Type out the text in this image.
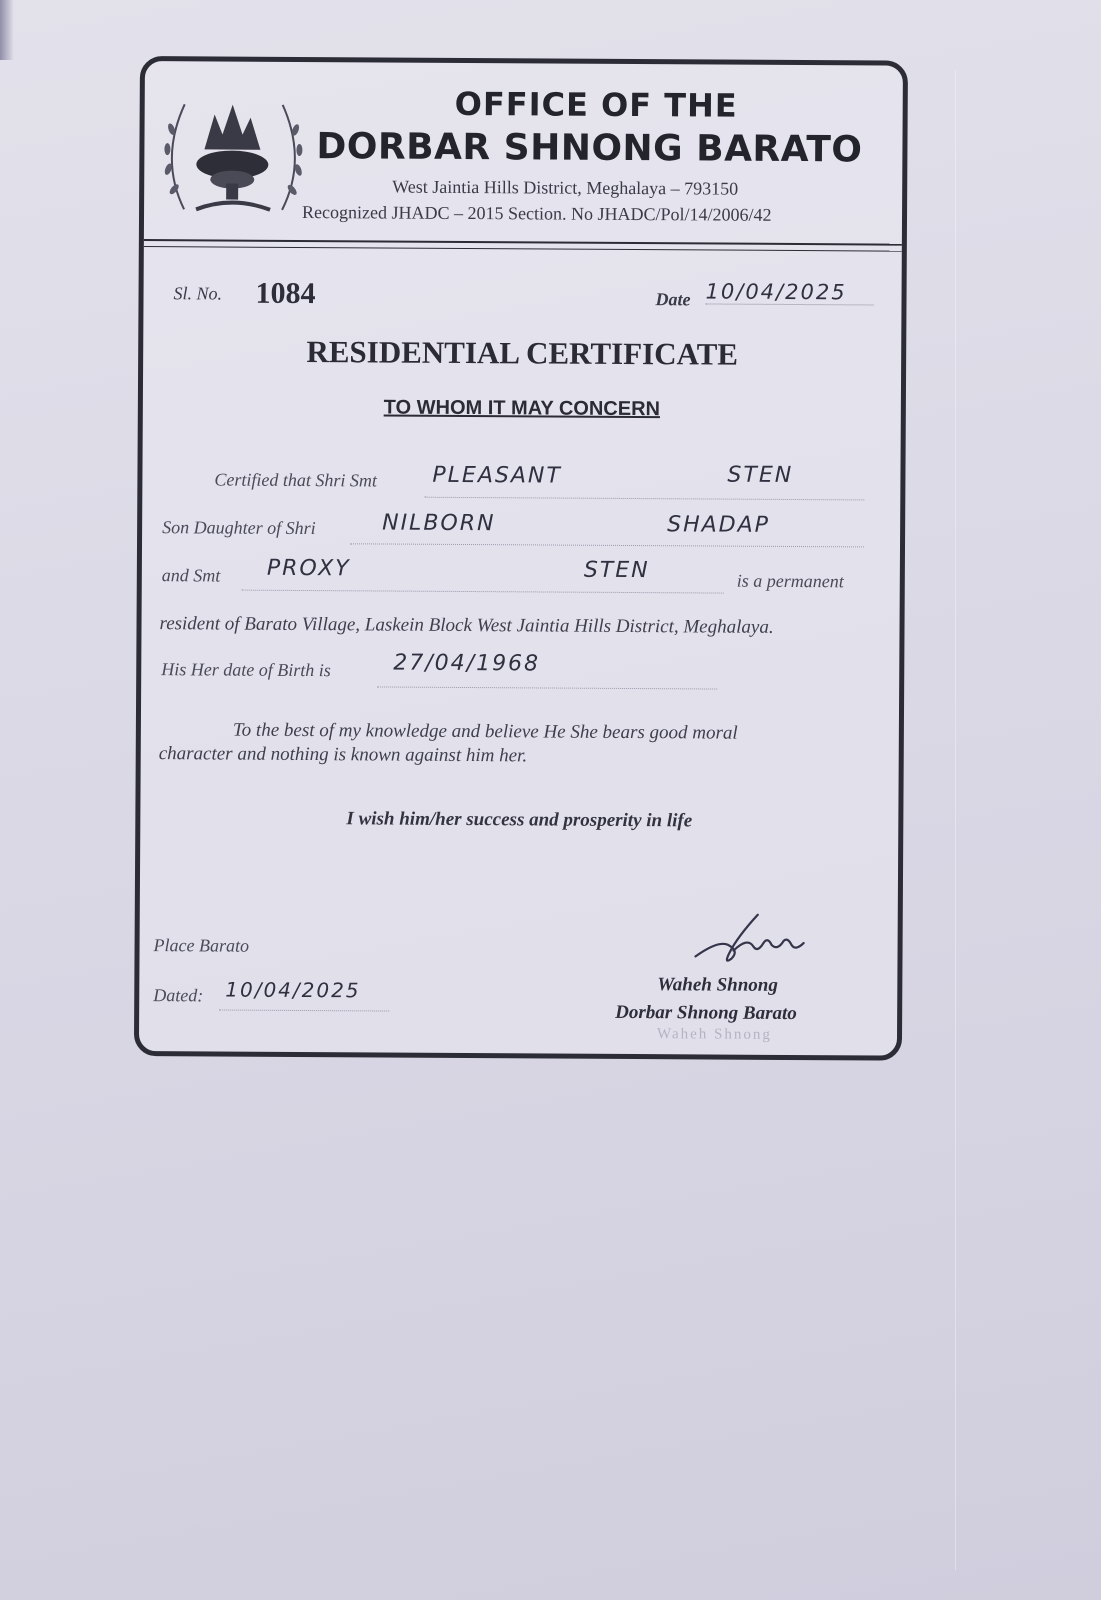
OFFICE OF THE
DORBAR SHNONG BARATO
West Jaintia Hills District, Meghalaya – 793150
Recognized JHADC – 2015 Section. No JHADC/Pol/14/2006/42
Sl. No. 1084	Date 10/04/2025
RESIDENTIAL CERTIFICATE
TO WHOM IT MAY CONCERN
Certified that Shri Smt	PLEASANT	STEN
Son Daughter of Shri	NILBORN	SHADAP
and Smt PROXY	STEN	is a permanent
resident of Barato Village, Laskein Block West Jaintia Hills District, Meghalaya.
His Her date of Birth is	27/04/1968
To the best of my knowledge and believe He She bears good moral
character and nothing is known against him her.
I wish him/her success and prosperity in life
Place Barato
Dated: 10/04/2025	Waheh Shnong
Dorbar Shnong Barato
Waheh Shnong
